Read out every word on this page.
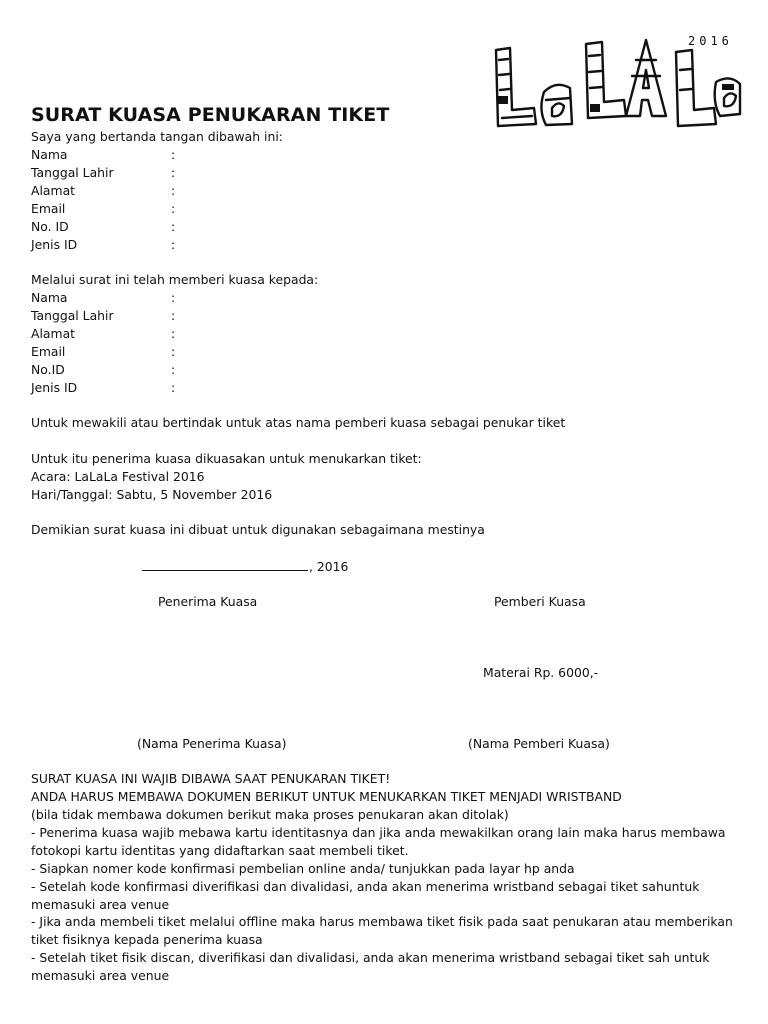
2016
SURAT KUASA PENUKARAN TIKET
Saya yang bertanda tangan dibawah ini:
Nama	:
Tanggal Lahir	:
Alamat	:
Email	:
No. ID	:
Jenis ID	:
Melalui surat ini telah memberi kuasa kepada:
Nama	:
Tanggal Lahir	:
Alamat	:
Email	:
No.ID	:
Jenis ID	:
Untuk mewakili atau bertindak untuk atas nama pemberi kuasa sebagai penukar tiket
Untuk itu penerima kuasa dikuasakan untuk menukarkan tiket:
Acara: LaLaLa Festival 2016
Hari/Tanggal: Sabtu, 5 November 2016
Demikian surat kuasa ini dibuat untuk digunakan sebagaimana mestinya
, 2016
Penerima Kuasa	Pemberi Kuasa
Materai Rp. 6000,-
(Nama Penerima Kuasa)	(Nama Pemberi Kuasa)
SURAT KUASA INI WAJIB DIBAWA SAAT PENUKARAN TIKET!
ANDA HARUS MEMBAWA DOKUMEN BERIKUT UNTUK MENUKARKAN TIKET MENJADI WRISTBAND
(bila tidak membawa dokumen berikut maka proses penukaran akan ditolak)
- Penerima kuasa wajib mebawa kartu identitasnya dan jika anda mewakilkan orang lain maka harus membawa
fotokopi kartu identitas yang didaftarkan saat membeli tiket.
- Siapkan nomer kode konfirmasi pembelian online anda/ tunjukkan pada layar hp anda
- Setelah kode konfirmasi diverifikasi dan divalidasi, anda akan menerima wristband sebagai tiket sahuntuk
memasuki area venue
- Jika anda membeli tiket melalui offline maka harus membawa tiket fisik pada saat penukaran atau memberikan
tiket fisiknya kepada penerima kuasa
- Setelah tiket fisik discan, diverifikasi dan divalidasi, anda akan menerima wristband sebagai tiket sah untuk
memasuki area venue
